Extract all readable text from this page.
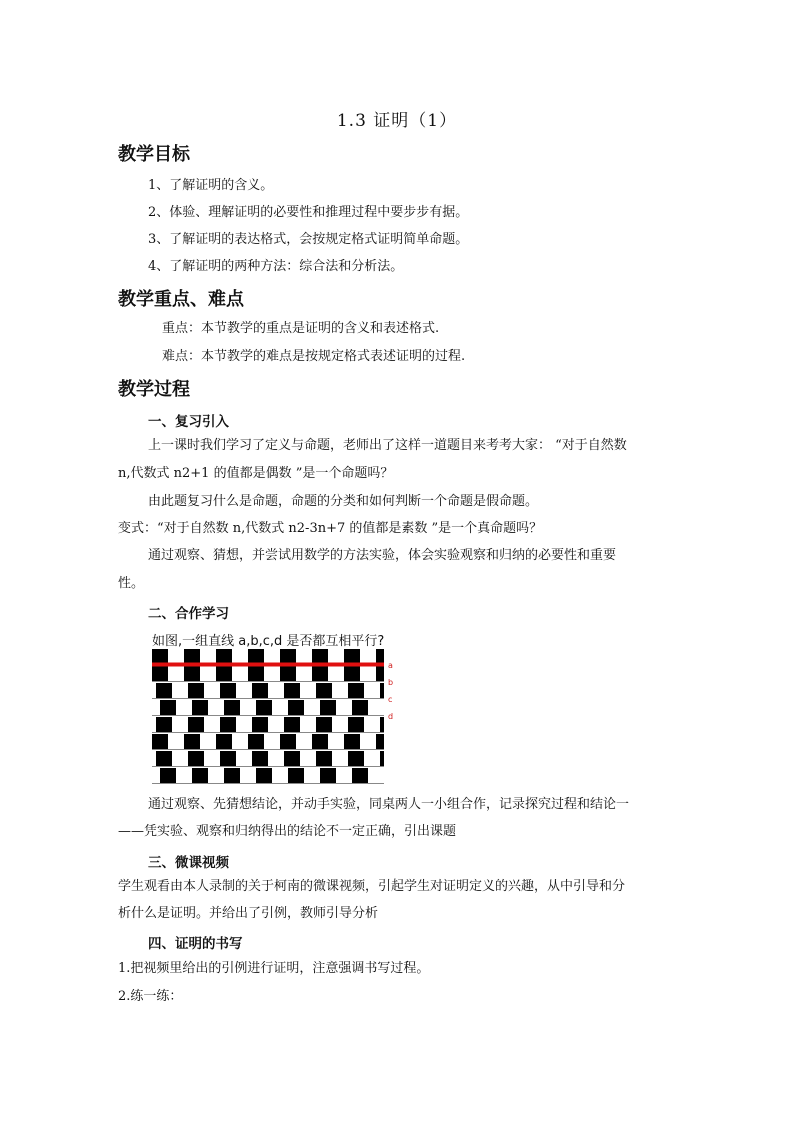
1.3 证明（1）
教学目标
1、了解证明的含义。
2、体验、理解证明的必要性和推理过程中要步步有据。
3、了解证明的表达格式，会按规定格式证明简单命题。
4、了解证明的两种方法：综合法和分析法。
教学重点、难点
重点：本节教学的重点是证明的含义和表述格式.
难点：本节教学的难点是按规定格式表述证明的过程.
教学过程
一、复习引入
上一课时我们学习了定义与命题，老师出了这样一道题目来考考大家： “对于自然数
n,代数式 n2+1 的值都是偶数 ”是一个命题吗？
由此题复习什么是命题，命题的分类和如何判断一个命题是假命题。
变式：“对于自然数 n,代数式 n2-3n+7 的值都是素数 ”是一个真命题吗？
通过观察、猜想，并尝试用数学的方法实验，体会实验观察和归纳的必要性和重要
性。
二、合作学习
如图,一组直线 a,b,c,d 是否都互相平行?
a
b
c
d
通过观察、先猜想结论，并动手实验，同桌两人一小组合作，记录探究过程和结论一
——凭实验、观察和归纳得出的结论不一定正确，引出课题
三、微课视频
学生观看由本人录制的关于柯南的微课视频，引起学生对证明定义的兴趣，从中引导和分
析什么是证明。并给出了引例，教师引导分析
四、证明的书写
1.把视频里给出的引例进行证明，注意强调书写过程。
2.练一练：
